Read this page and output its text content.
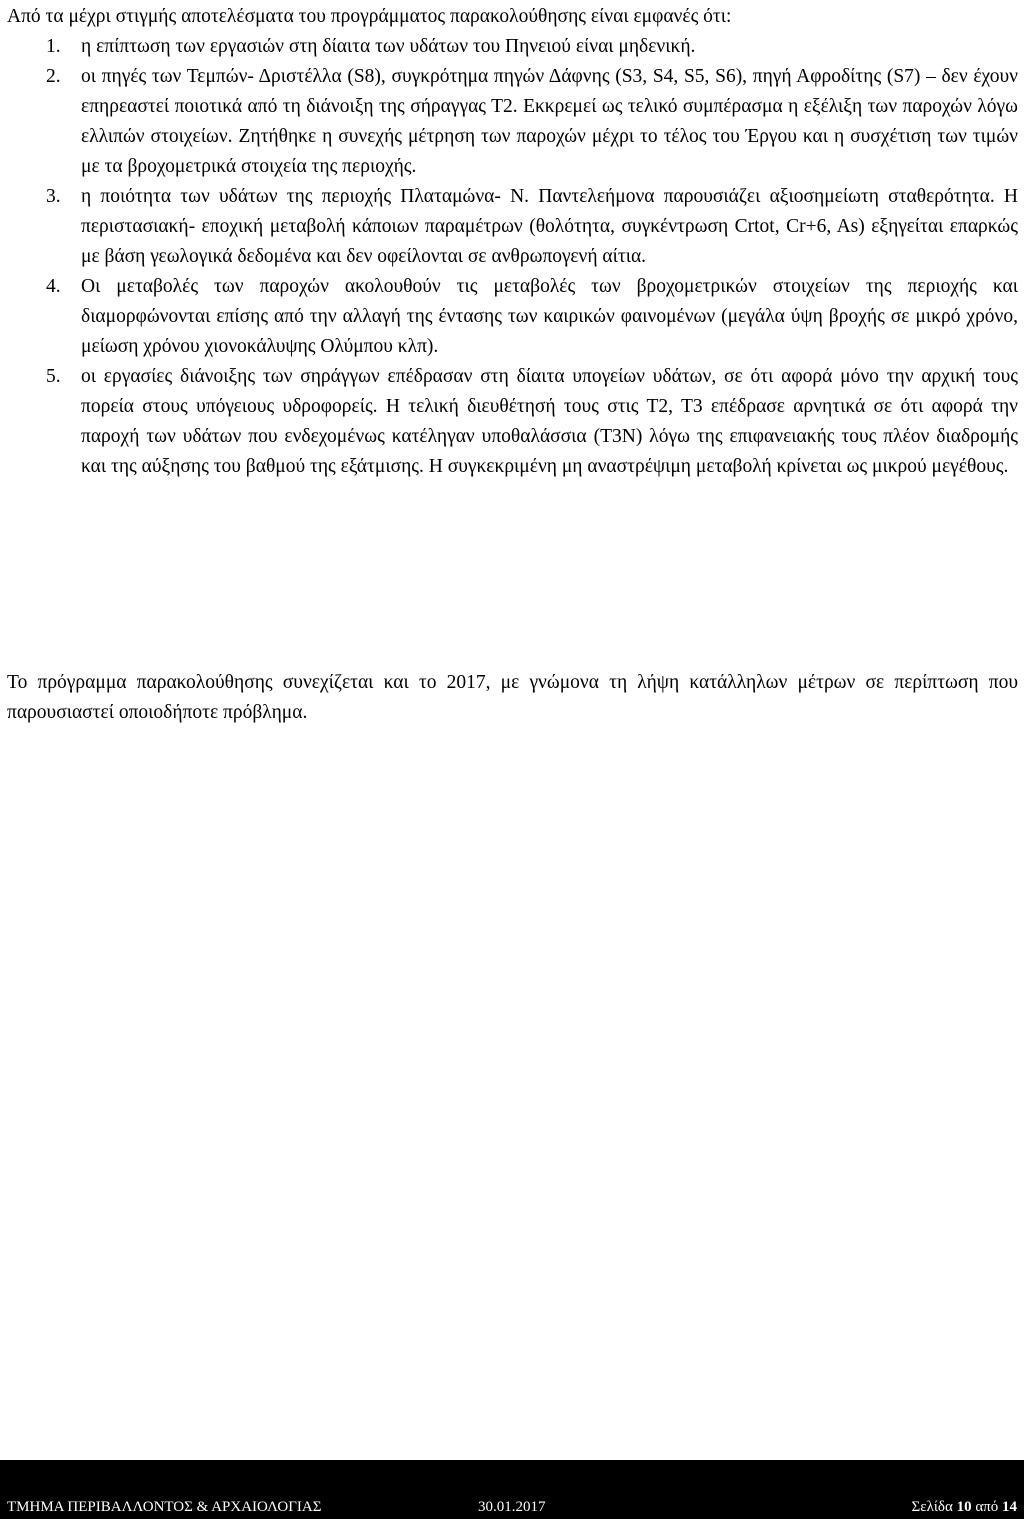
Από τα μέχρι στιγμής αποτελέσματα του προγράμματος παρακολούθησης είναι εμφανές ότι:
1. η επίπτωση των εργασιών στη δίαιτα των υδάτων του Πηνειού είναι μηδενική.
2. οι πηγές των Τεμπών- Δριστέλλα (S8), συγκρότημα πηγών Δάφνης (S3, S4, S5, S6), πηγή Αφροδίτης (S7) – δεν έχουν επηρεαστεί ποιοτικά από τη διάνοιξη της σήραγγας Τ2. Εκκρεμεί ως τελικό συμπέρασμα η εξέλιξη των παροχών λόγω ελλιπών στοιχείων. Ζητήθηκε η συνεχής μέτρηση των παροχών μέχρι το τέλος του Έργου και η συσχέτιση των τιμών με τα βροχομετρικά στοιχεία της περιοχής.
3. η ποιότητα των υδάτων της περιοχής Πλαταμώνα- Ν. Παντελεήμονα παρουσιάζει αξιοσημείωτη σταθερότητα. Η περιστασιακή- εποχική μεταβολή κάποιων παραμέτρων (θολότητα, συγκέντρωση Crtot, Cr+6, As) εξηγείται επαρκώς με βάση γεωλογικά δεδομένα και δεν οφείλονται σε ανθρωπογενή αίτια.
4. Οι μεταβολές των παροχών ακολουθούν τις μεταβολές των βροχομετρικών στοιχείων της περιοχής και διαμορφώνονται επίσης από την αλλαγή της έντασης των καιρικών φαινομένων (μεγάλα ύψη βροχής σε μικρό χρόνο, μείωση χρόνου χιονοκάλυψης Ολύμπου κλπ).
5. οι εργασίες διάνοιξης των σηράγγων επέδρασαν στη δίαιτα υπογείων υδάτων, σε ότι αφορά μόνο την αρχική τους πορεία στους υπόγειους υδροφορείς. Η τελική διευθέτησή τους στις Τ2, Τ3 επέδρασε αρνητικά σε ότι αφορά την παροχή των υδάτων που ενδεχομένως κατέληγαν υποθαλάσσια (Τ3Ν) λόγω της επιφανειακής τους πλέον διαδρομής και της αύξησης του βαθμού της εξάτμισης. Η συγκεκριμένη μη αναστρέψιμη μεταβολή κρίνεται ως μικρού μεγέθους.

Το πρόγραμμα παρακολούθησης συνεχίζεται και το 2017, με γνώμονα τη λήψη κατάλληλων μέτρων σε περίπτωση που παρουσιαστεί οποιοδήποτε πρόβλημα.

ΤΜΗΜΑ ΠΕΡΙΒΑΛΛΟΝΤΟΣ & ΑΡΧΑΙΟΛΟΓΙΑΣ	30.01.2017	Σελίδα 10 από 14
